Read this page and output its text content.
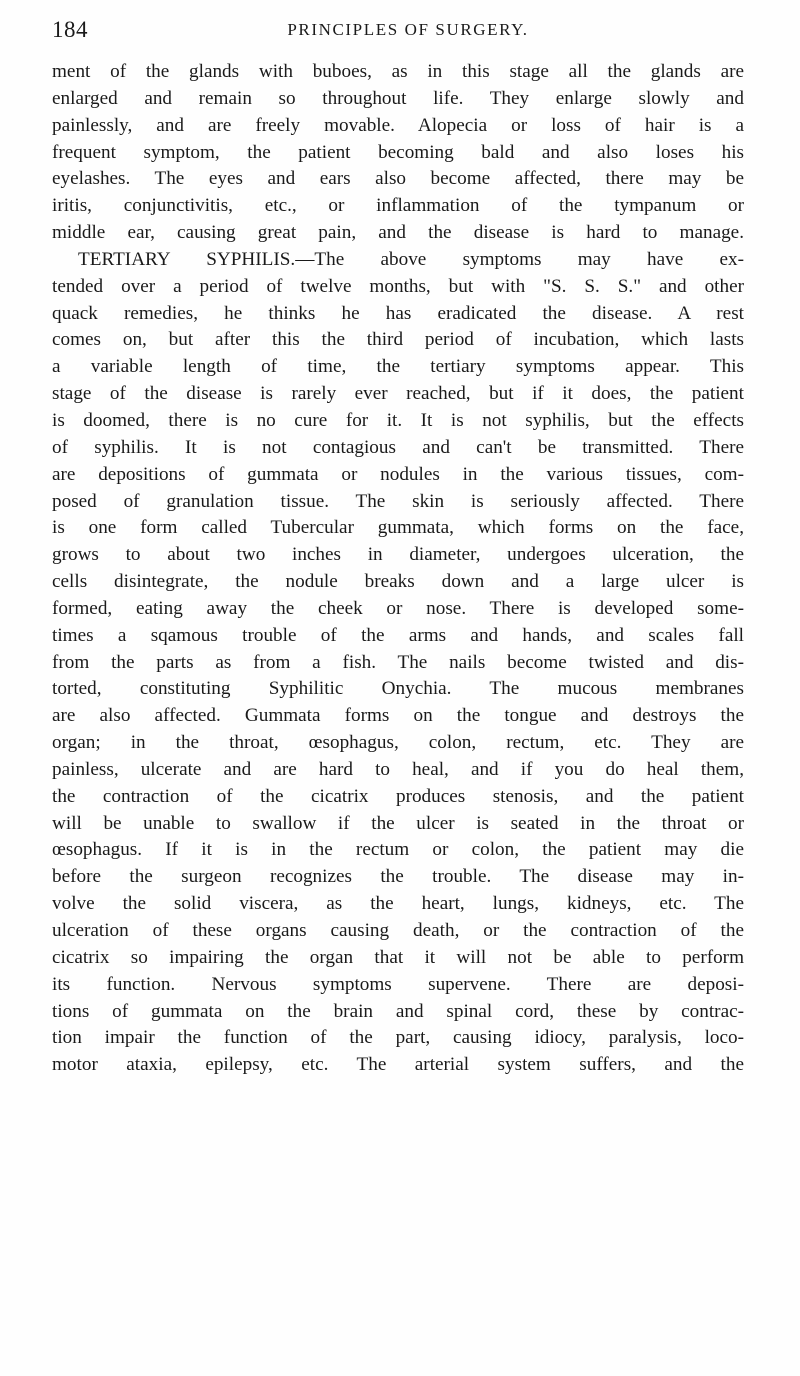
184	PRINCIPLES OF SURGERY.
ment of the glands with buboes, as in this stage all the glands are
enlarged and remain so throughout life. They enlarge slowly and
painlessly, and are freely movable. Alopecia or loss of hair is a
frequent symptom, the patient becoming bald and also loses his
eyelashes. The eyes and ears also become affected, there may be
iritis, conjunctivitis, etc., or inflammation of the tympanum or
middle ear, causing great pain, and the disease is hard to manage.
TERTIARY SYPHILIS.—The above symptoms may have ex-
tended over a period of twelve months, but with "S. S. S." and other
quack remedies, he thinks he has eradicated the disease. A rest
comes on, but after this the third period of incubation, which lasts
a variable length of time, the tertiary symptoms appear. This
stage of the disease is rarely ever reached, but if it does, the patient
is doomed, there is no cure for it. It is not syphilis, but the effects
of syphilis. It is not contagious and can't be transmitted. There
are depositions of gummata or nodules in the various tissues, com-
posed of granulation tissue. The skin is seriously affected. There
is one form called Tubercular gummata, which forms on the face,
grows to about two inches in diameter, undergoes ulceration, the
cells disintegrate, the nodule breaks down and a large ulcer is
formed, eating away the cheek or nose. There is developed some-
times a sqamous trouble of the arms and hands, and scales fall
from the parts as from a fish. The nails become twisted and dis-
torted, constituting Syphilitic Onychia. The mucous membranes
are also affected. Gummata forms on the tongue and destroys the
organ; in the throat, œsophagus, colon, rectum, etc. They are
painless, ulcerate and are hard to heal, and if you do heal them,
the contraction of the cicatrix produces stenosis, and the patient
will be unable to swallow if the ulcer is seated in the throat or
œsophagus. If it is in the rectum or colon, the patient may die
before the surgeon recognizes the trouble. The disease may in-
volve the solid viscera, as the heart, lungs, kidneys, etc. The
ulceration of these organs causing death, or the contraction of the
cicatrix so impairing the organ that it will not be able to perform
its function. Nervous symptoms supervene. There are deposi-
tions of gummata on the brain and spinal cord, these by contrac-
tion impair the function of the part, causing idiocy, paralysis, loco-
motor ataxia, epilepsy, etc. The arterial system suffers, and the
